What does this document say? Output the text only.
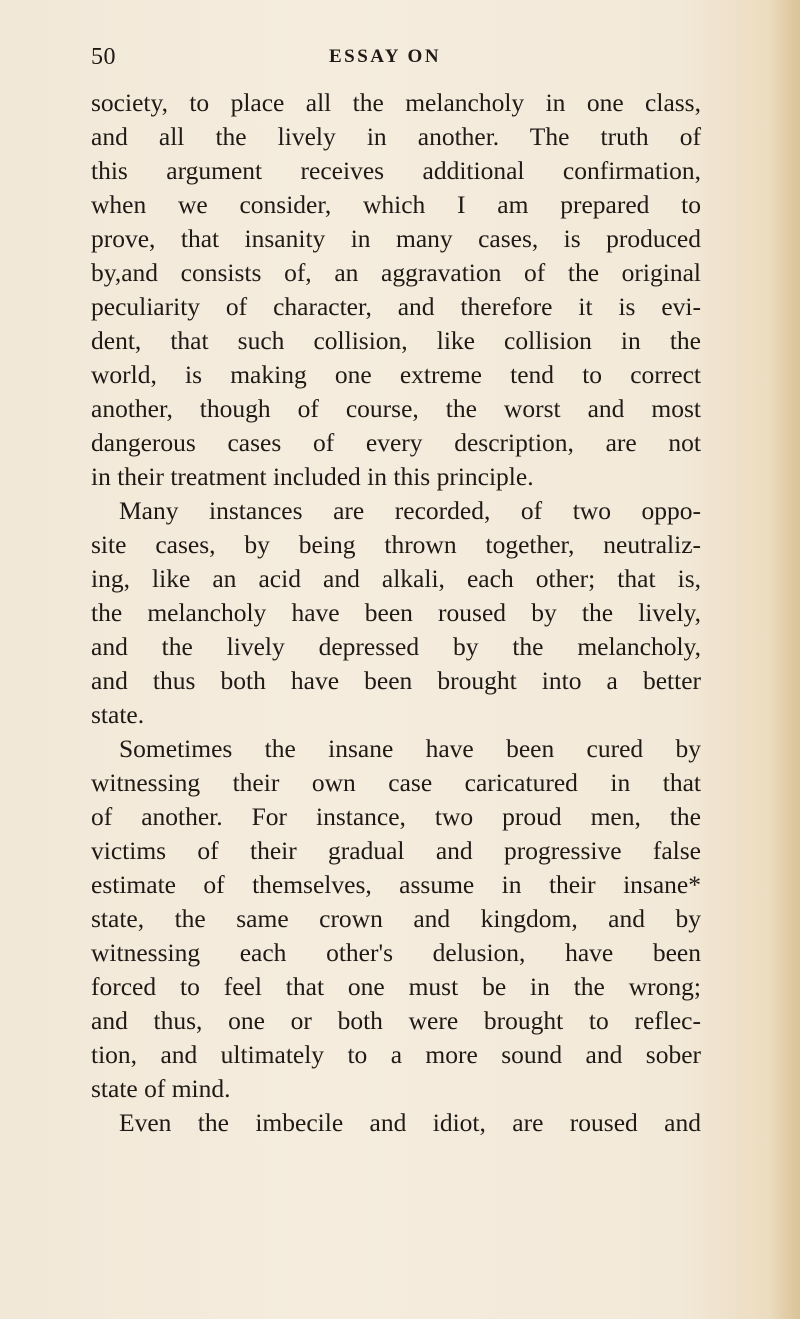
50	ESSAY ON
society, to place all the melancholy in one class,
and all the lively in another. The truth of
this argument receives additional confirmation,
when we consider, which I am prepared to
prove, that insanity in many cases, is produced
by,and consists of, an aggravation of the original
peculiarity of character, and therefore it is evi-
dent, that such collision, like collision in the
world, is making one extreme tend to correct
another, though of course, the worst and most
dangerous cases of every description, are not
in their treatment included in this principle.
Many instances are recorded, of two oppo-
site cases, by being thrown together, neutraliz-
ing, like an acid and alkali, each other; that is,
the melancholy have been roused by the lively,
and the lively depressed by the melancholy,
and thus both have been brought into a better
state.
Sometimes the insane have been cured by
witnessing their own case caricatured in that
of another. For instance, two proud men, the
victims of their gradual and progressive false
estimate of themselves, assume in their insane*
state, the same crown and kingdom, and by
witnessing each other's delusion, have been
forced to feel that one must be in the wrong;
and thus, one or both were brought to reflec-
tion, and ultimately to a more sound and sober
state of mind.
Even the imbecile and idiot, are roused and
